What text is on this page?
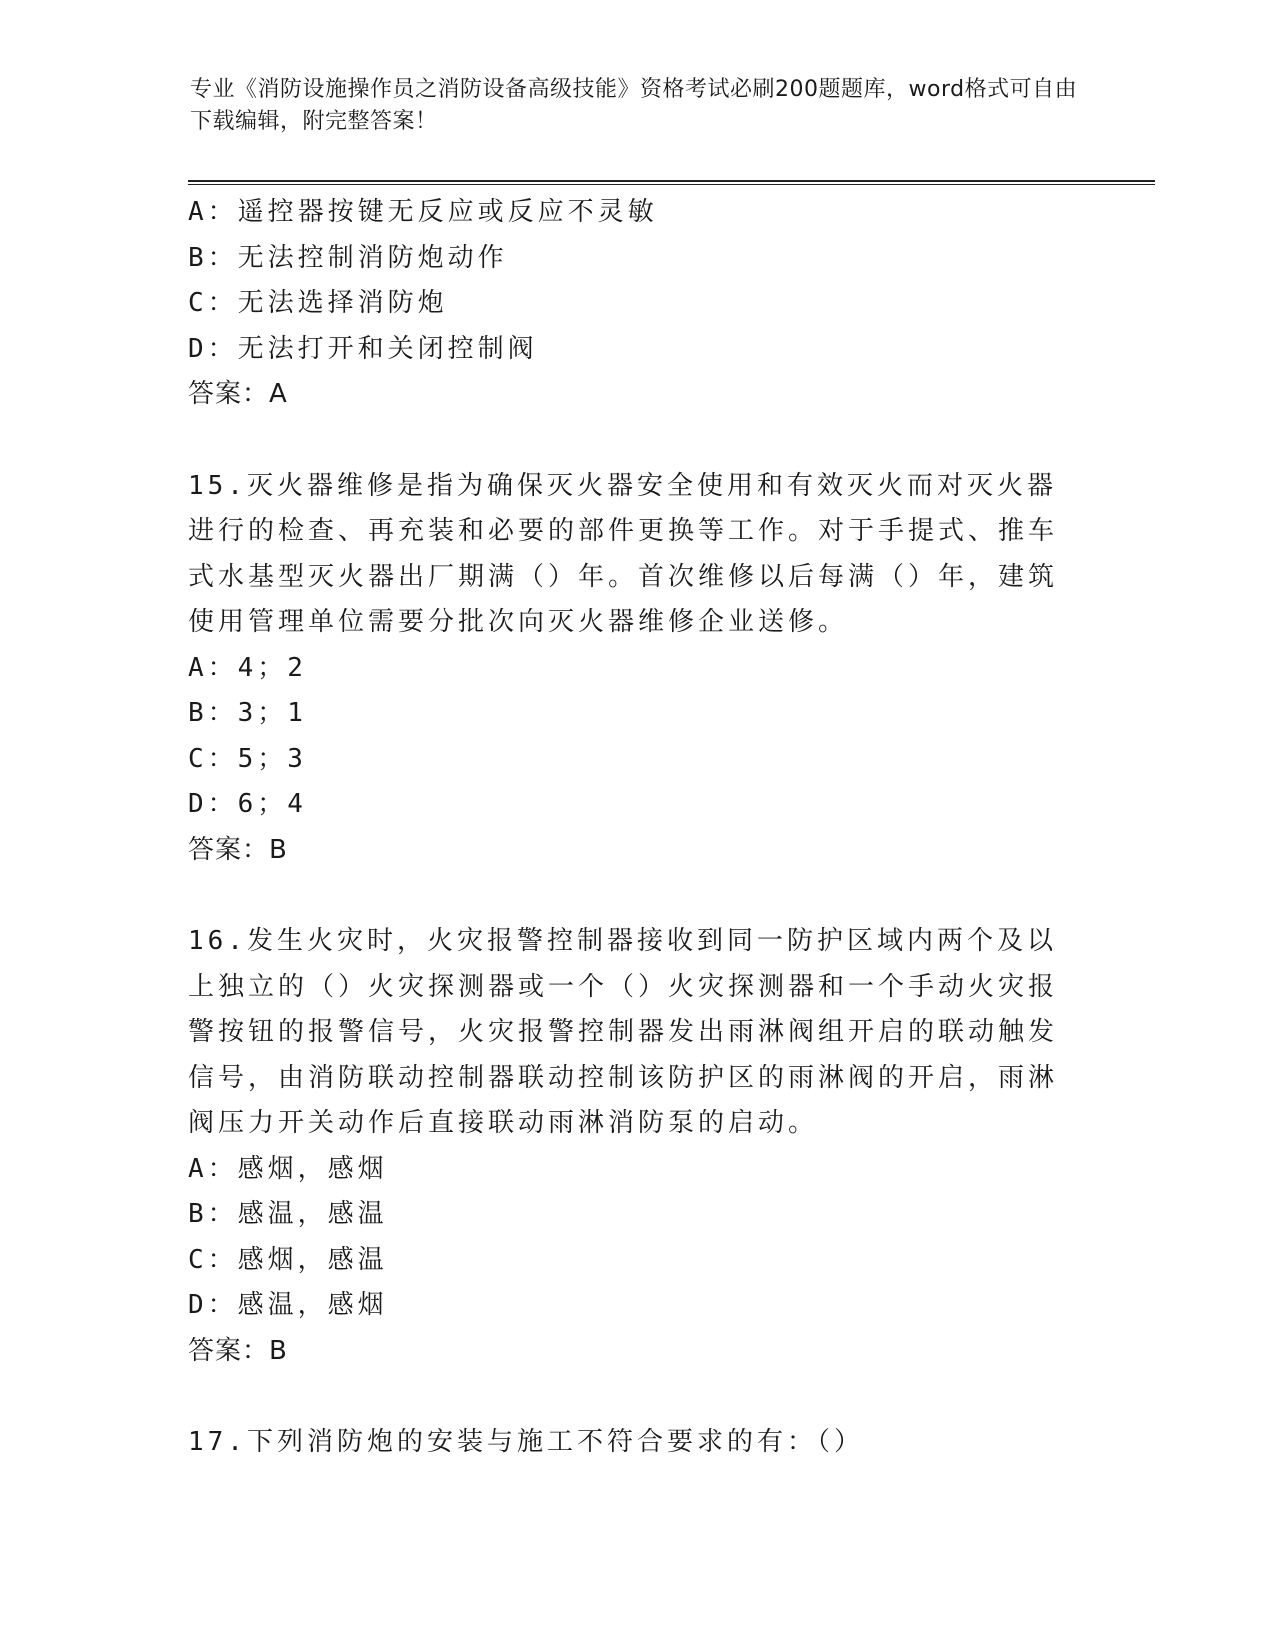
专业《消防设施操作员之消防设备高级技能》资格考试必刷200题题库，word格式可自由下载编辑，附完整答案！
A：遥控器按键无反应或反应不灵敏
B：无法控制消防炮动作
C：无法选择消防炮
D：无法打开和关闭控制阀
答案：A
15.灭火器维修是指为确保灭火器安全使用和有效灭火而对灭火器进行的检查、再充装和必要的部件更换等工作。对于手提式、推车式水基型灭火器出厂期满（）年。首次维修以后每满（）年，建筑使用管理单位需要分批次向灭火器维修企业送修。
A：4；2
B：3；1
C：5；3
D：6；4
答案：B
16.发生火灾时，火灾报警控制器接收到同一防护区域内两个及以上独立的（）火灾探测器或一个（）火灾探测器和一个手动火灾报警按钮的报警信号，火灾报警控制器发出雨淋阀组开启的联动触发信号，由消防联动控制器联动控制该防护区的雨淋阀的开启，雨淋阀压力开关动作后直接联动雨淋消防泵的启动。
A：感烟，感烟
B：感温，感温
C：感烟，感温
D：感温，感烟
答案：B
17.下列消防炮的安装与施工不符合要求的有：（）
